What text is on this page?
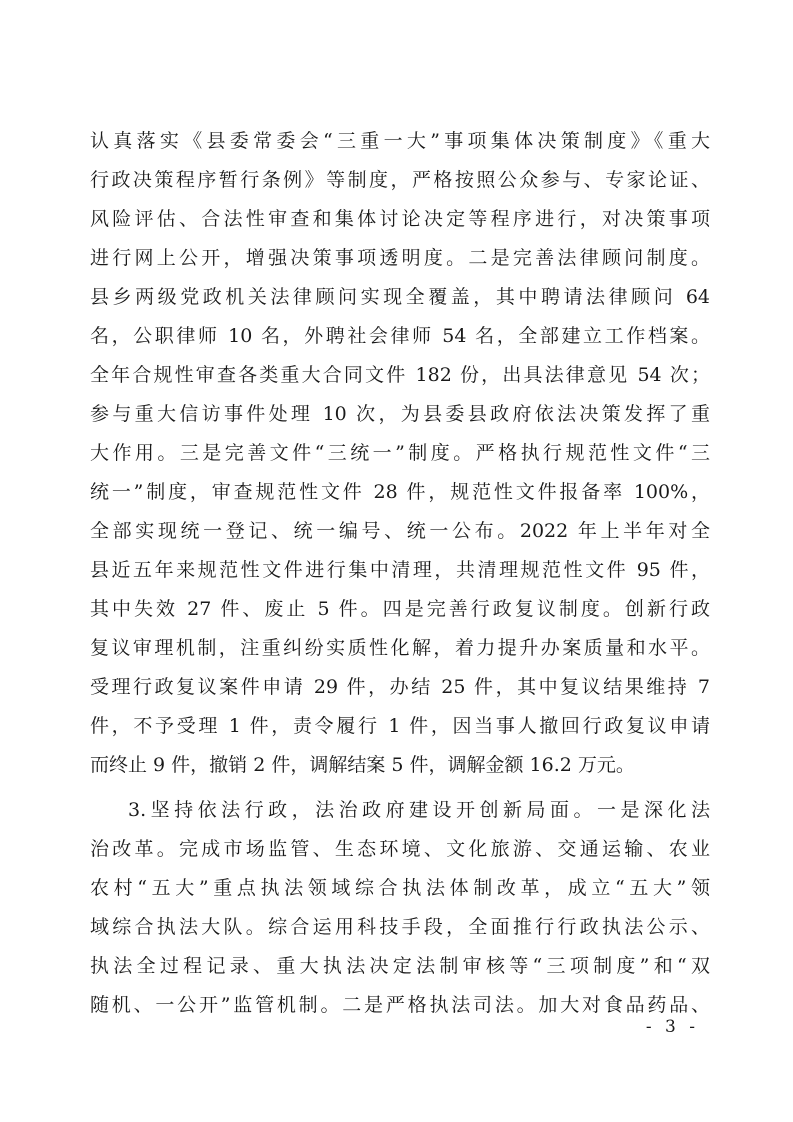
认真落实《县委常委会“三重一大”事项集体决策制度》《重大
行政决策程序暂行条例》等制度，严格按照公众参与、专家论证、
风险评估、合法性审查和集体讨论决定等程序进行，对决策事项
进行网上公开，增强决策事项透明度。二是完善法律顾问制度。
县乡两级党政机关法律顾问实现全覆盖，其中聘请法律顾问 64
名，公职律师 10 名，外聘社会律师 54 名，全部建立工作档案。
全年合规性审查各类重大合同文件 182 份，出具法律意见 54 次；
参与重大信访事件处理 10 次，为县委县政府依法决策发挥了重
大作用。三是完善文件“三统一”制度。严格执行规范性文件“三
统一”制度，审查规范性文件 28 件，规范性文件报备率 100%，
全部实现统一登记、统一编号、统一公布。2022 年上半年对全
县近五年来规范性文件进行集中清理，共清理规范性文件 95 件，
其中失效 27 件、废止 5 件。四是完善行政复议制度。创新行政
复议审理机制，注重纠纷实质性化解，着力提升办案质量和水平。
受理行政复议案件申请 29 件，办结 25 件，其中复议结果维持 7
件，不予受理 1 件，责令履行 1 件，因当事人撤回行政复议申请
而终止 9 件，撤销 2 件，调解结案 5 件，调解金额 16.2 万元。
3.坚持依法行政，法治政府建设开创新局面。一是深化法
治改革。完成市场监管、生态环境、文化旅游、交通运输、农业
农村“五大”重点执法领域综合执法体制改革，成立“五大”领
域综合执法大队。综合运用科技手段，全面推行行政执法公示、
执法全过程记录、重大执法决定法制审核等“三项制度”和“双
随机、一公开”监管机制。二是严格执法司法。加大对食品药品、
- 3 -
